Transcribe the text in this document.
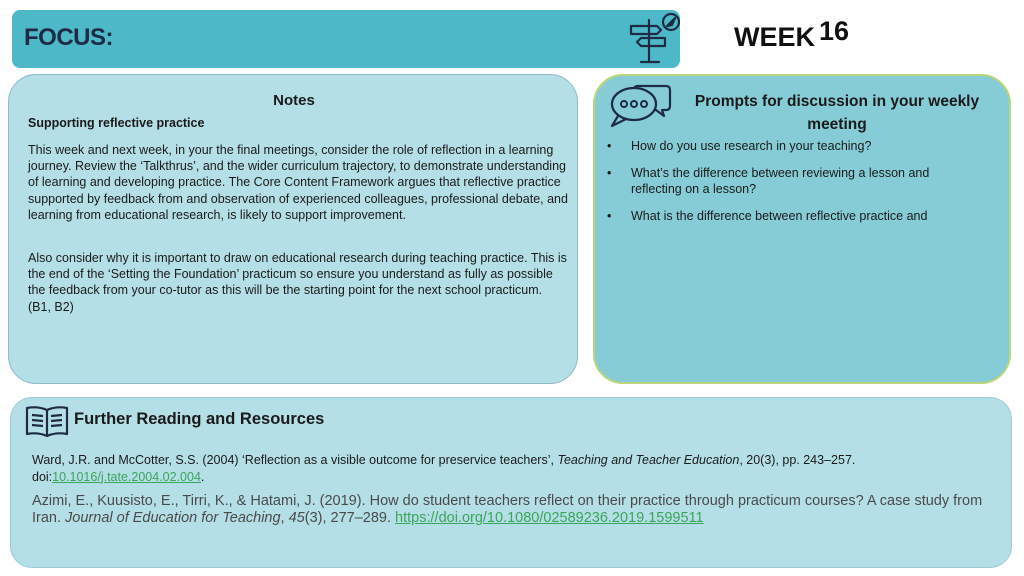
FOCUS:	WEEK 16
Notes
Supporting reflective practice

This week and next week, in your the final meetings, consider the role of reflection in a learning journey. Review the ‘Talkthrus’, and the wider curriculum trajectory, to demonstrate understanding of learning and developing practice. The Core Content Framework argues that reflective practice supported by feedback from and observation of experienced colleagues, professional debate, and learning from educational research, is likely to support improvement.

Also consider why it is important to draw on educational research during teaching practice. This is the end of the ‘Setting the Foundation’ practicum so ensure you understand as fully as possible the feedback from your co-tutor as this will be the starting point for the next school practicum. (B1, B2)

Prompts for discussion in your weekly meeting
• How do you use research in your teaching?
• What’s the difference between reviewing a lesson and reflecting on a lesson?
• What is the difference between reflective practice and
Further Reading and Resources

Ward, J.R. and McCotter, S.S. (2004) ‘Reflection as a visible outcome for preservice teachers’, Teaching and Teacher Education, 20(3), pp. 243–257. doi:10.1016/j.tate.2004.02.004.

Azimi, E., Kuusisto, E., Tirri, K., & Hatami, J. (2019). How do student teachers reflect on their practice through practicum courses? A case study from Iran. Journal of Education for Teaching, 45(3), 277–289. https://doi.org/10.1080/02589236.2019.1599511
